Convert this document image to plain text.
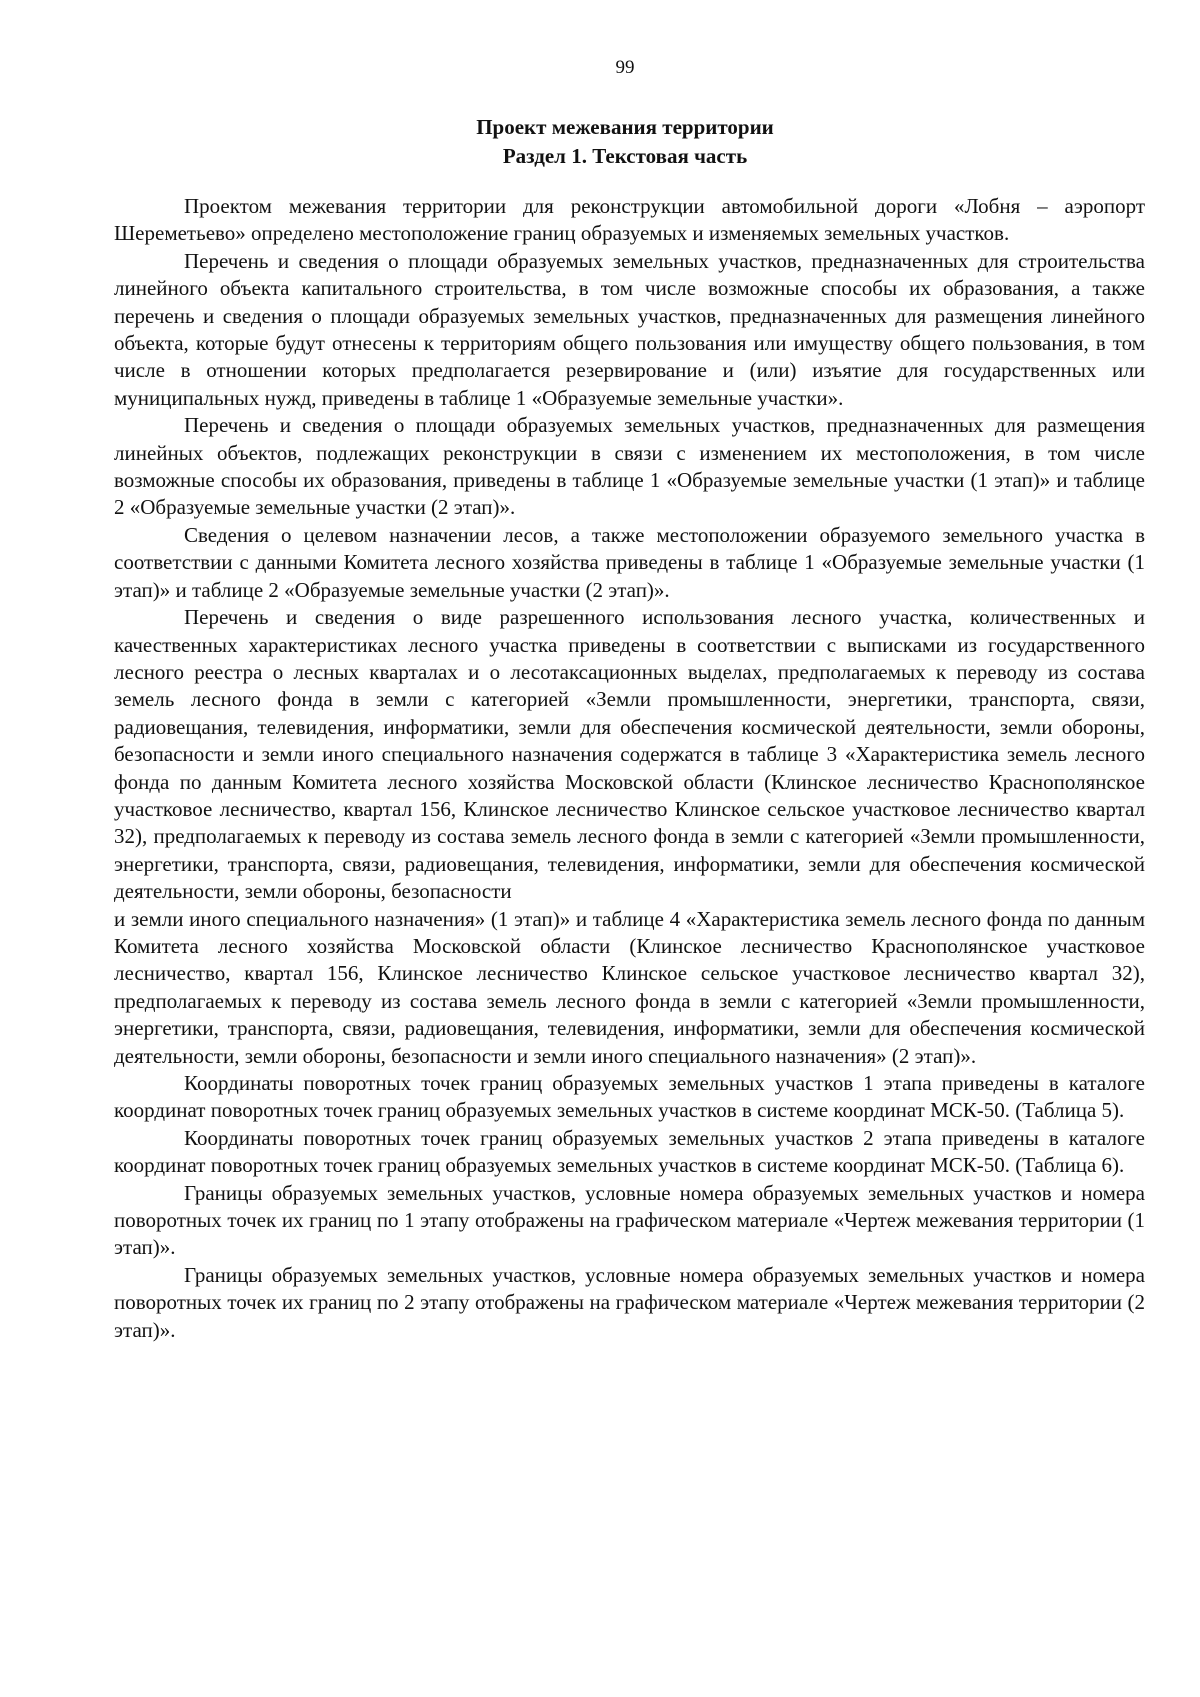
99
Проект межевания территории
Раздел 1. Текстовая часть

Проектом межевания территории для реконструкции автомобильной дороги «Лобня – аэропорт Шереметьево» определено местоположение границ образуемых и изменяемых земельных участков.

Перечень и сведения о площади образуемых земельных участков, предназначенных для строительства линейного объекта капитального строительства, в том числе возможные способы их образования, а также перечень и сведения о площади образуемых земельных участков, предназначенных для размещения линейного объекта, которые будут отнесены к территориям общего пользования или имуществу общего пользования, в том числе в отношении которых предполагается резервирование и (или) изъятие для государственных или муниципальных нужд, приведены в таблице 1 «Образуемые земельные участки».

Перечень и сведения о площади образуемых земельных участков, предназначенных для размещения линейных объектов, подлежащих реконструкции в связи с изменением их местоположения, в том числе возможные способы их образования, приведены в таблице 1 «Образуемые земельные участки (1 этап)» и таблице 2 «Образуемые земельные участки (2 этап)».

Сведения о целевом назначении лесов, а также местоположении образуемого земельного участка в соответствии с данными Комитета лесного хозяйства приведены в таблице 1 «Образуемые земельные участки (1 этап)» и таблице 2 «Образуемые земельные участки (2 этап)».

Перечень и сведения о виде разрешенного использования лесного участка, количественных и качественных характеристиках лесного участка приведены в соответствии с выписками из государственного лесного реестра о лесных кварталах и о лесотаксационных выделах, предполагаемых к переводу из состава земель лесного фонда в земли с категорией «Земли промышленности, энергетики, транспорта, связи, радиовещания, телевидения, информатики, земли для обеспечения космической деятельности, земли обороны, безопасности и земли иного специального назначения содержатся в таблице 3 «Характеристика земель лесного фонда по данным Комитета лесного хозяйства Московской области (Клинское лесничество Краснополянское участковое лесничество, квартал 156, Клинское лесничество Клинское сельское участковое лесничество квартал 32), предполагаемых к переводу из состава земель лесного фонда в земли с категорией «Земли промышленности, энергетики, транспорта, связи, радиовещания, телевидения, информатики, земли для обеспечения космической деятельности, земли обороны, безопасности

и земли иного специального назначения» (1 этап)» и таблице 4 «Характеристика земель лесного фонда по данным Комитета лесного хозяйства Московской области (Клинское лесничество Краснополянское участковое лесничество, квартал 156, Клинское лесничество Клинское сельское участковое лесничество квартал 32), предполагаемых к переводу из состава земель лесного фонда в земли с категорией «Земли промышленности, энергетики, транспорта, связи, радиовещания, телевидения, информатики, земли для обеспечения космической деятельности, земли обороны, безопасности и земли иного специального назначения» (2 этап)».

Координаты поворотных точек границ образуемых земельных участков 1 этапа приведены в каталоге координат поворотных точек границ образуемых земельных участков в системе координат МСК-50. (Таблица 5).

Координаты поворотных точек границ образуемых земельных участков 2 этапа приведены в каталоге координат поворотных точек границ образуемых земельных участков в системе координат МСК-50. (Таблица 6).

Границы образуемых земельных участков, условные номера образуемых земельных участков и номера поворотных точек их границ по 1 этапу отображены на графическом материале «Чертеж межевания территории (1 этап)».

Границы образуемых земельных участков, условные номера образуемых земельных участков и номера поворотных точек их границ по 2 этапу отображены на графическом материале «Чертеж межевания территории (2 этап)».
